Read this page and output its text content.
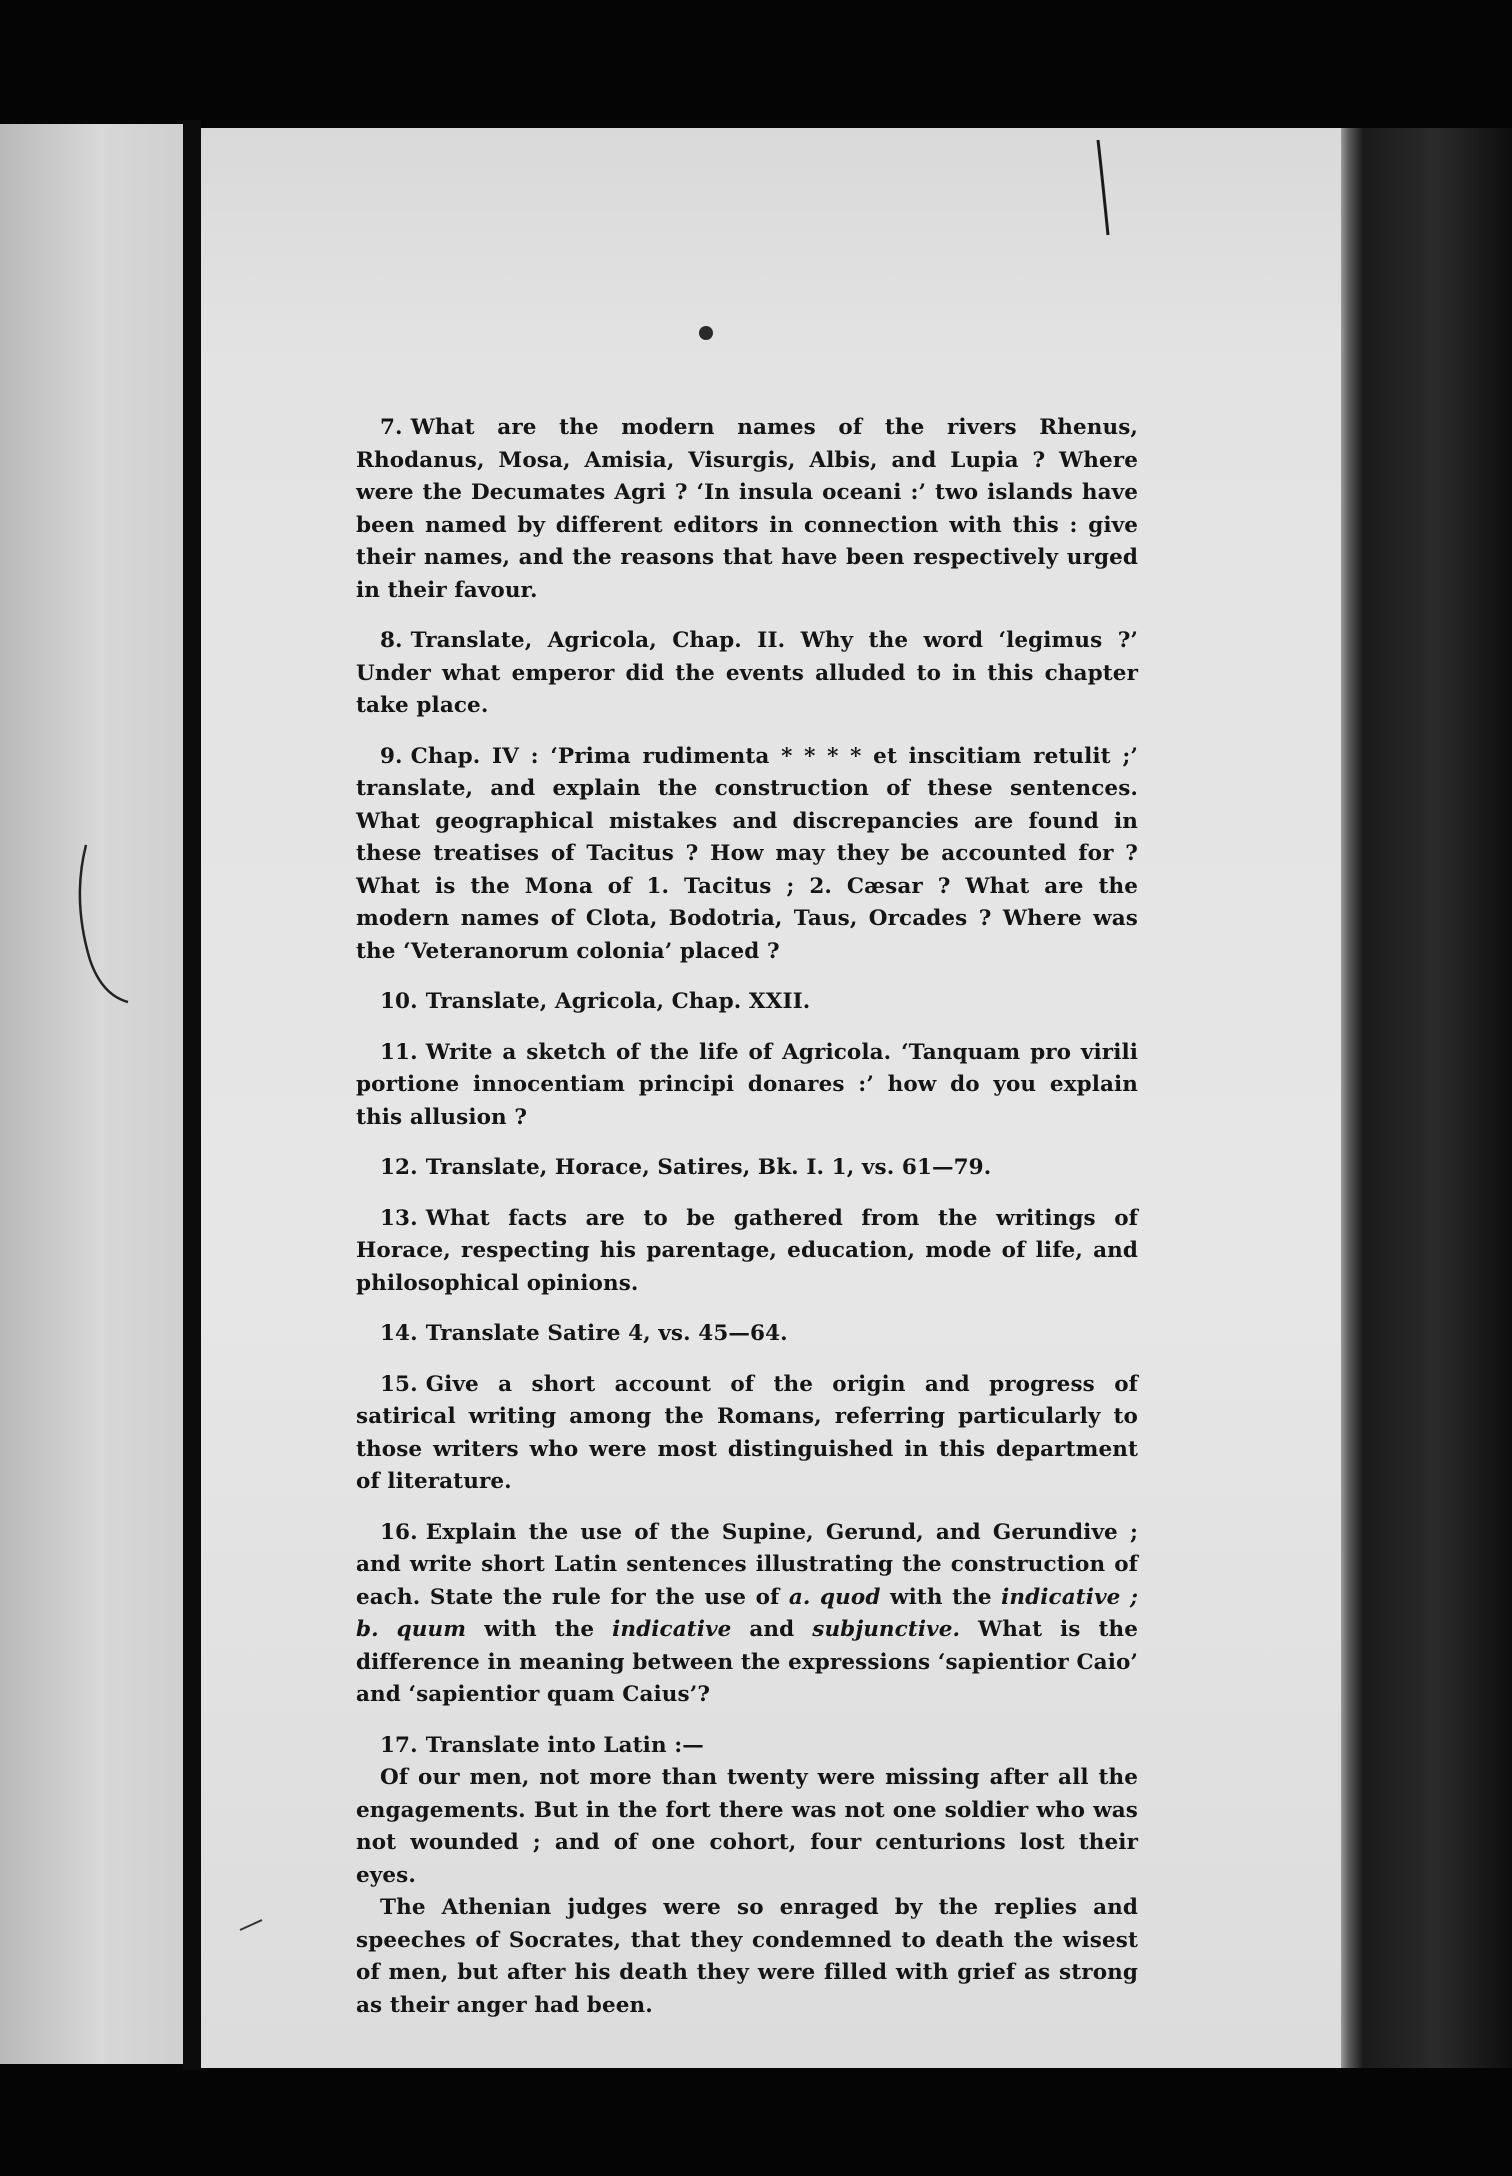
7. What are the modern names of the rivers Rhenus, Rhodanus, Mosa, Amisia, Visurgis, Albis, and Lupia ? Where were the Decumates Agri ? ‘In insula oceani :’ two islands have been named by different editors in connection with this : give their names, and the reasons that have been respectively urged in their favour.

8. Translate, Agricola, Chap. II. Why the word ‘legimus ?’ Under what emperor did the events alluded to in this chapter take place.

9. Chap. IV : ‘Prima rudimenta * * * * et inscitiam retulit ;’ translate, and explain the construction of these sentences. What geographical mistakes and discrepancies are found in these treatises of Tacitus ? How may they be accounted for ? What is the Mona of 1. Tacitus ; 2. Cæsar ? What are the modern names of Clota, Bodotria, Taus, Orcades ? Where was the ‘Veteranorum colonia’ placed ?

10. Translate, Agricola, Chap. XXII.

11. Write a sketch of the life of Agricola. ‘Tanquam pro virili portione innocentiam principi donares :’ how do you explain this allusion ?

12. Translate, Horace, Satires, Bk. I. 1, vs. 61—79.

13. What facts are to be gathered from the writings of Horace, respecting his parentage, education, mode of life, and philosophical opinions.

14. Translate Satire 4, vs. 45—64.

15. Give a short account of the origin and progress of satirical writing among the Romans, referring particularly to those writers who were most distinguished in this department of literature.

16. Explain the use of the Supine, Gerund, and Gerundive ; and write short Latin sentences illustrating the construction of each. State the rule for the use of a. quod with the indicative ; b. quum with the indicative and subjunctive. What is the difference in meaning between the expressions ‘sapientior Caio’ and ‘sapientior quam Caius’?

17. Translate into Latin :—

Of our men, not more than twenty were missing after all the engagements. But in the fort there was not one soldier who was not wounded ; and of one cohort, four centurions lost their eyes.

The Athenian judges were so enraged by the replies and speeches of Socrates, that they condemned to death the wisest of men, but after his death they were filled with grief as strong as their anger had been.
